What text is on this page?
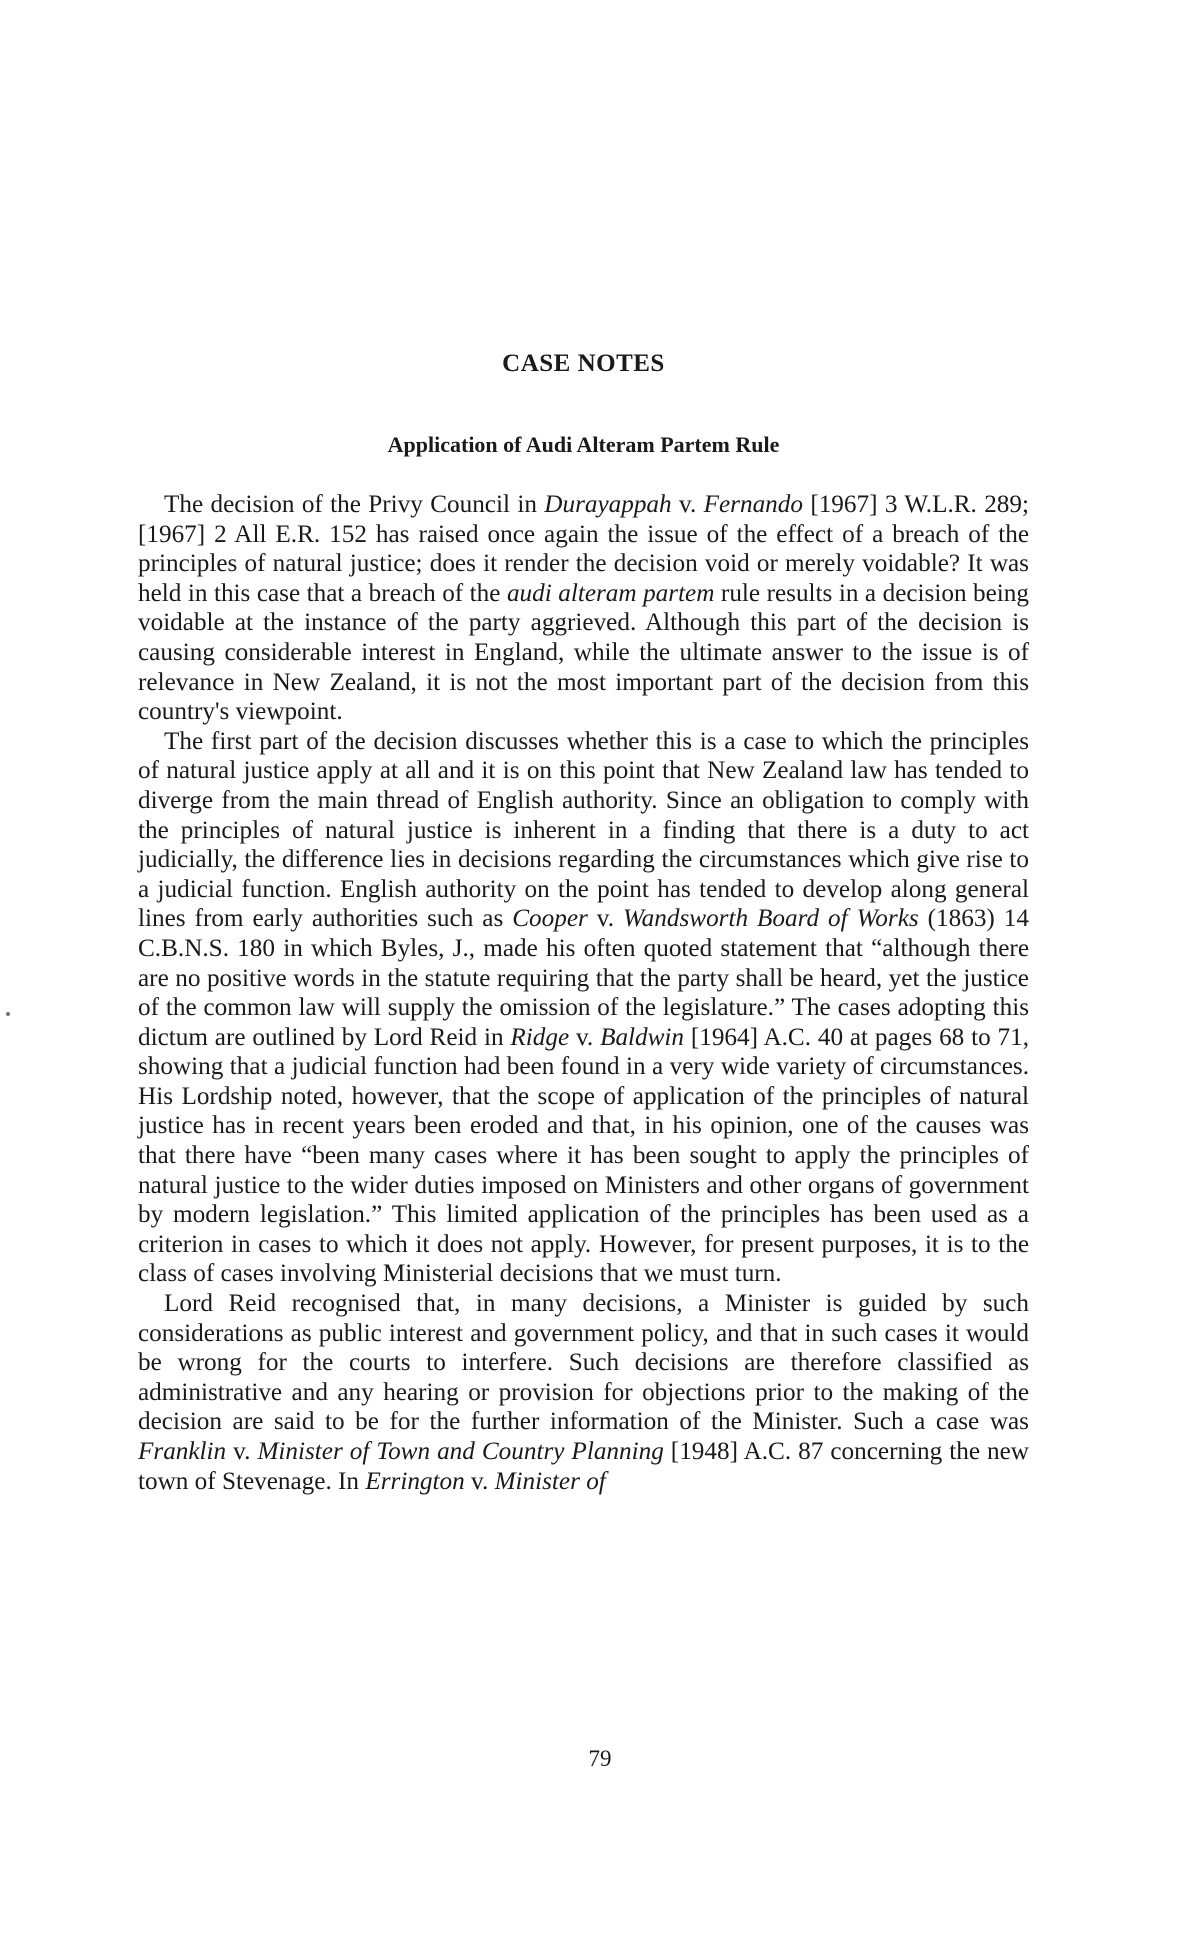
CASE NOTES
Application of Audi Alteram Partem Rule

The decision of the Privy Council in Durayappah v. Fernando [1967] 3 W.L.R. 289; [1967] 2 All E.R. 152 has raised once again the issue of the effect of a breach of the principles of natural justice; does it render the decision void or merely voidable? It was held in this case that a breach of the audi alteram partem rule results in a decision being voidable at the instance of the party aggrieved. Although this part of the decision is causing considerable interest in England, while the ultimate answer to the issue is of relevance in New Zealand, it is not the most important part of the decision from this country's viewpoint.

The first part of the decision discusses whether this is a case to which the principles of natural justice apply at all and it is on this point that New Zealand law has tended to diverge from the main thread of English authority. Since an obligation to comply with the principles of natural justice is inherent in a finding that there is a duty to act judicially, the difference lies in decisions regarding the circumstances which give rise to a judicial function. English authority on the point has tended to develop along general lines from early authorities such as Cooper v. Wandsworth Board of Works (1863) 14 C.B.N.S. 180 in which Byles, J., made his often quoted statement that “although there are no positive words in the statute requiring that the party shall be heard, yet the justice of the common law will supply the omission of the legislature.” The cases adopting this dictum are outlined by Lord Reid in Ridge v. Baldwin [1964] A.C. 40 at pages 68 to 71, showing that a judicial function had been found in a very wide variety of circumstances. His Lordship noted, however, that the scope of application of the principles of natural justice has in recent years been eroded and that, in his opinion, one of the causes was that there have “been many cases where it has been sought to apply the principles of natural justice to the wider duties imposed on Ministers and other organs of government by modern legislation.” This limited application of the principles has been used as a criterion in cases to which it does not apply. However, for present purposes, it is to the class of cases involving Ministerial decisions that we must turn.

Lord Reid recognised that, in many decisions, a Minister is guided by such considerations as public interest and government policy, and that in such cases it would be wrong for the courts to interfere. Such decisions are therefore classified as administrative and any hearing or provision for objections prior to the making of the decision are said to be for the further information of the Minister. Such a case was Franklin v. Minister of Town and Country Planning [1948] A.C. 87 concerning the new town of Stevenage. In Errington v. Minister of

79
